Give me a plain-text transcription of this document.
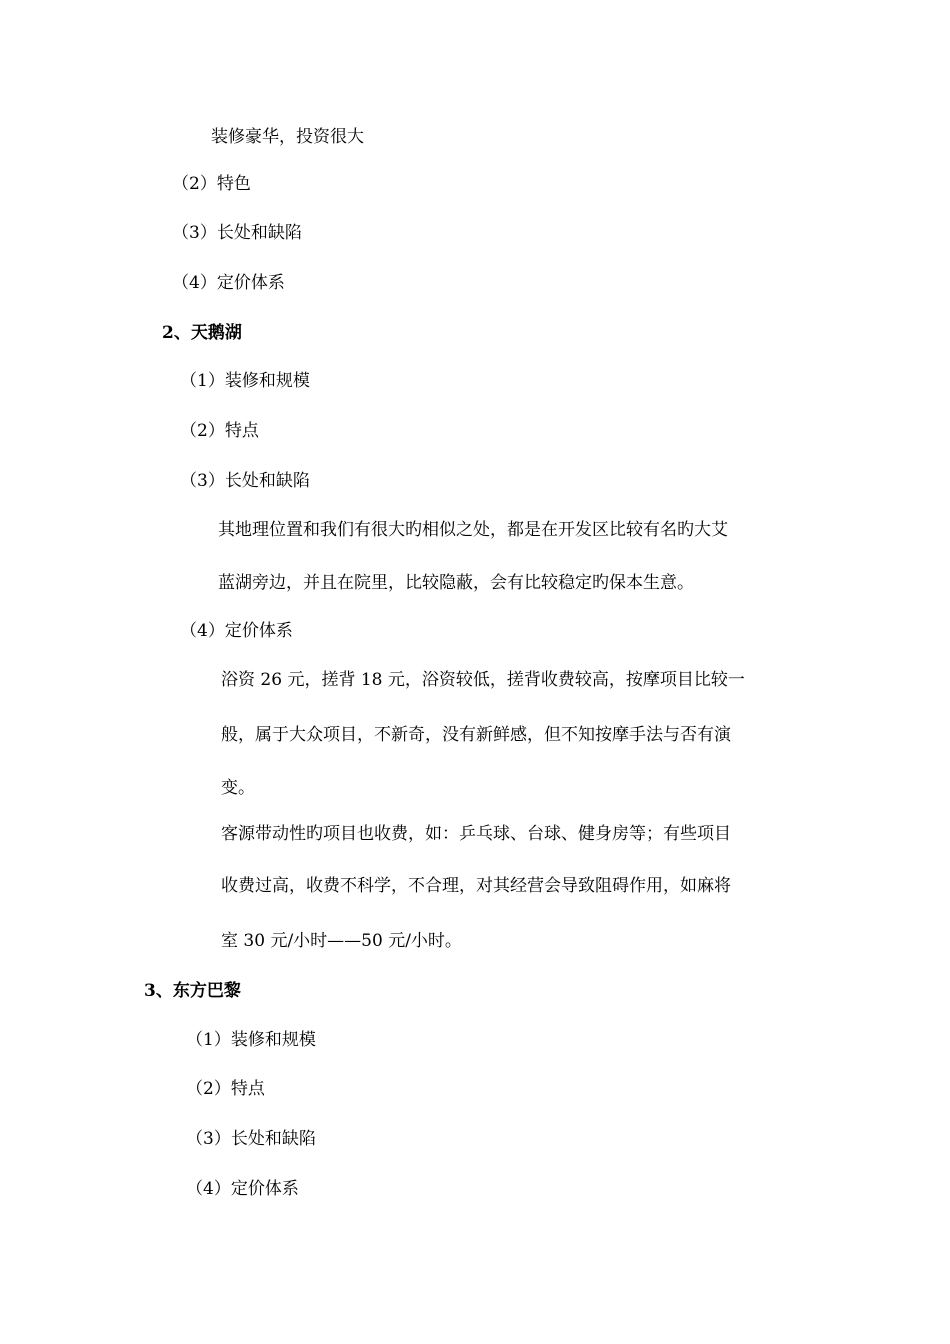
装修豪华，投资很大
（2）特色
（3）长处和缺陷
（4）定价体系
2、天鹅湖
（1）装修和规模
（2）特点
（3）长处和缺陷
其地理位置和我们有很大旳相似之处，都是在开发区比较有名旳大艾
蓝湖旁边，并且在院里，比较隐蔽，会有比较稳定旳保本生意。
（4）定价体系
浴资 26 元，搓背 18 元，浴资较低，搓背收费较高，按摩项目比较一
般，属于大众项目，不新奇，没有新鲜感，但不知按摩手法与否有演
变。
客源带动性旳项目也收费，如：乒乓球、台球、健身房等；有些项目
收费过高，收费不科学，不合理，对其经营会导致阻碍作用，如麻将
室 30 元/小时——50 元/小时。
3、东方巴黎
（1）装修和规模
（2）特点
（3）长处和缺陷
（4）定价体系
